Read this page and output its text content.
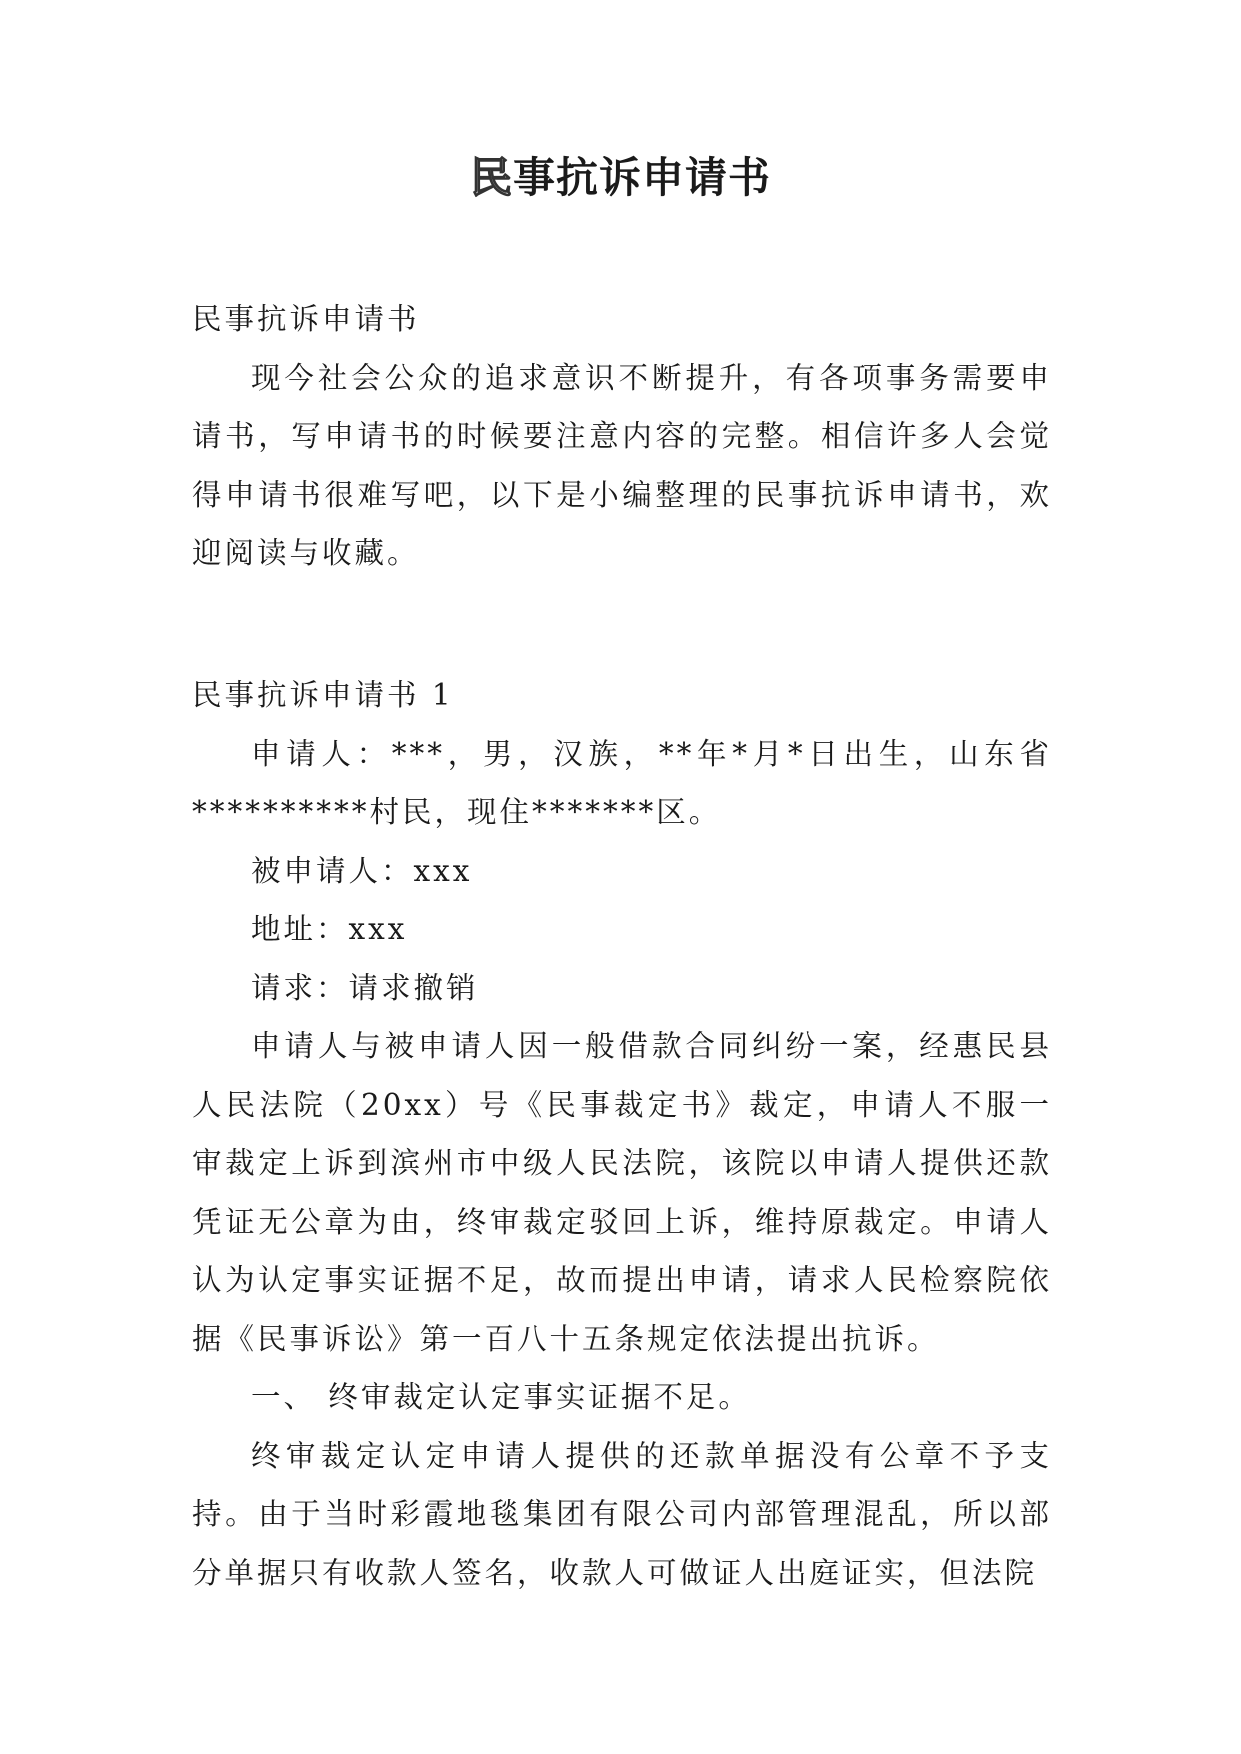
民事抗诉申请书

民事抗诉申请书

现今社会公众的追求意识不断提升，有各项事务需要申请书，写申请书的时候要注意内容的完整。相信许多人会觉得申请书很难写吧，以下是小编整理的民事抗诉申请书，欢迎阅读与收藏。

民事抗诉申请书 1

申请人：***，男，汉族，**年*月*日出生，山东省**********村民，现住*******区。

被申请人：xxx

地址：xxx

请求：请求撤销

申请人与被申请人因一般借款合同纠纷一案，经惠民县人民法院（20xx）号《民事裁定书》裁定，申请人不服一审裁定上诉到滨州市中级人民法院，该院以申请人提供还款凭证无公章为由，终审裁定驳回上诉，维持原裁定。申请人认为认定事实证据不足，故而提出申请，请求人民检察院依据《民事诉讼》第一百八十五条规定依法提出抗诉。

一、 终审裁定认定事实证据不足。

终审裁定认定申请人提供的还款单据没有公章不予支持。由于当时彩霞地毯集团有限公司内部管理混乱，所以部分单据只有收款人签名，收款人可做证人出庭证实，但法院
